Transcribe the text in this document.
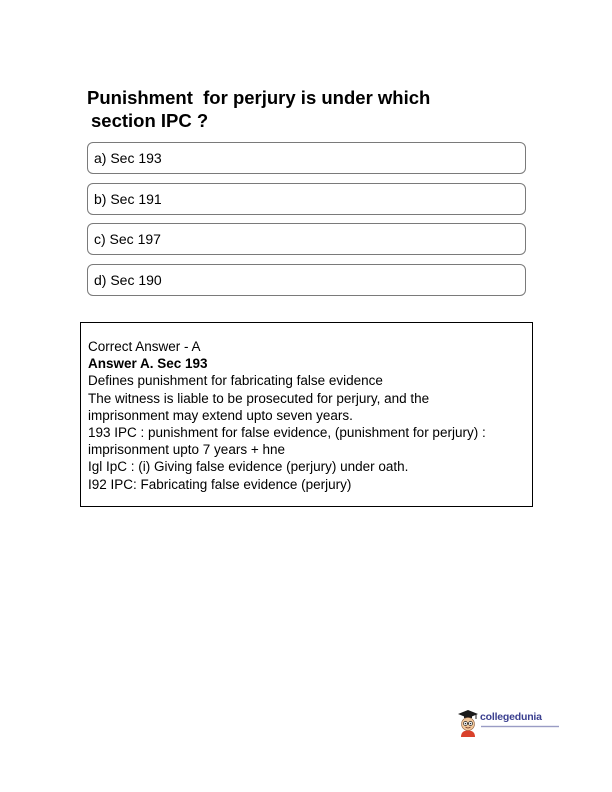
Punishment  for perjury is under which
section IPC ?
a) Sec 193
b) Sec 191
c) Sec 197
d) Sec 190
Correct Answer - A
Answer A. Sec 193
Defines punishment for fabricating false evidence
The witness is liable to be prosecuted for perjury, and the
imprisonment may extend upto seven years.
193 IPC : punishment for false evidence, (punishment for perjury) :
imprisonment upto 7 years + hne
Igl IpC : (i) Giving false evidence (perjury) under oath.
I92 IPC: Fabricating false evidence (perjury)
collegedunia
